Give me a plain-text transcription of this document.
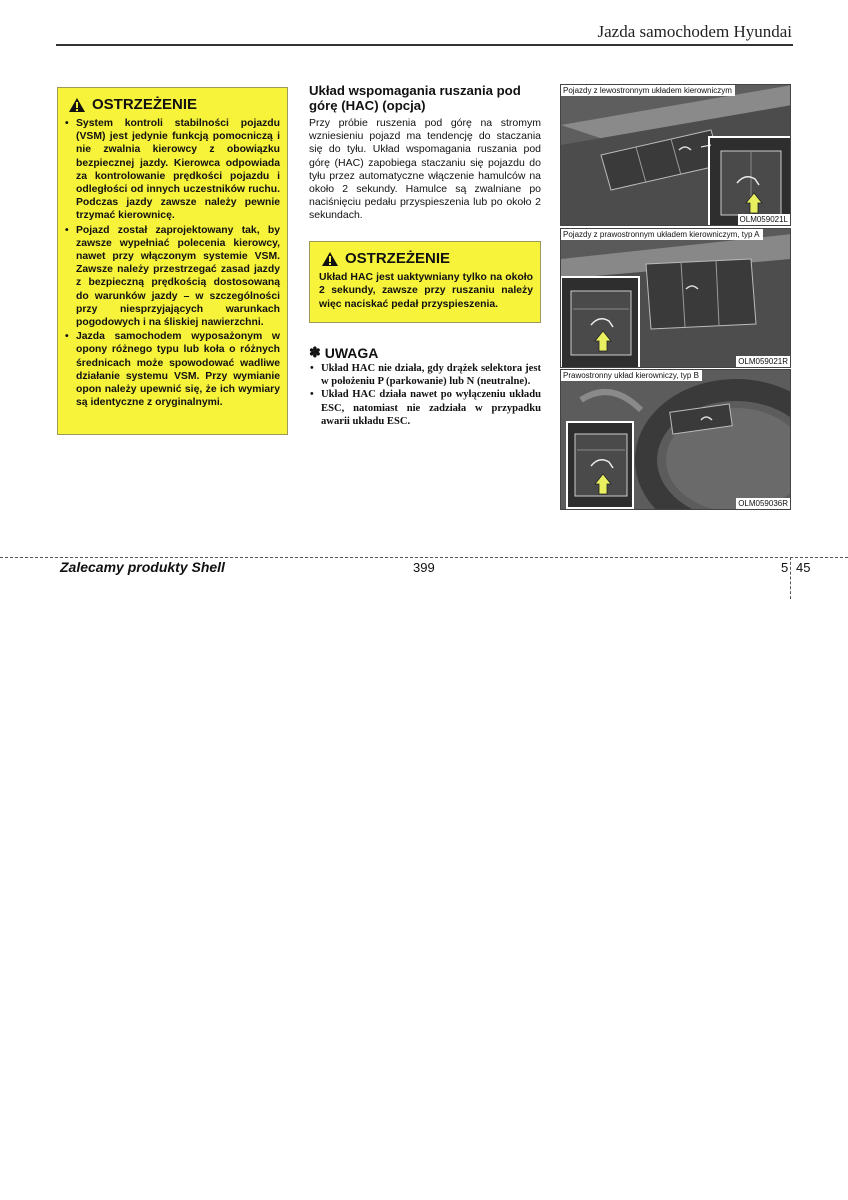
Jazda samochodem Hyundai
OSTRZEŻENIE
• System kontroli stabilności pojazdu (VSM) jest jedynie funkcją pomocniczą i nie zwalnia kierowcy z obowiązku bezpiecznej jazdy. Kierowca odpowiada za kontrolowanie prędkości pojazdu i odległości od innych uczestników ruchu. Podczas jazdy zawsze należy pewnie trzymać kierownicę.
• Pojazd został zaprojektowany tak, by zawsze wypełniać polecenia kierowcy, nawet przy włączonym systemie VSM. Zawsze należy przestrzegać zasad jazdy z bezpieczną prędkością dostosowaną do warunków jazdy – w szczególności przy niesprzyjających warunkach pogodowych i na śliskiej nawierzchni.
• Jazda samochodem wyposażonym w opony różnego typu lub koła o różnych średnicach może spowodować wadliwe działanie systemu VSM. Przy wymianie opon należy upewnić się, że ich wymiary są identyczne z oryginalnymi.
Układ wspomagania ruszania pod górę (HAC) (opcja)
Przy próbie ruszenia pod górę na stromym wzniesieniu pojazd ma tendencję do staczania się do tyłu. Układ wspomagania ruszania pod górę (HAC) zapobiega staczaniu się pojazdu do tyłu przez automatyczne włączenie hamulców na około 2 sekundy. Hamulce są zwalniane po naciśnięciu pedału przyspieszenia lub po około 2 sekundach.
OSTRZEŻENIE

Układ HAC jest uaktywniany tylko na około 2 sekundy, zawsze przy ruszaniu należy więc naciskać pedał przyspieszenia.

✽ UWAGA
• Układ HAC nie działa, gdy drążek selektora jest w położeniu P (parkowanie) lub N (neutralne).
• Układ HAC działa nawet po wyłączeniu układu ESC, natomiast nie zadziała w przypadku awarii układu ESC.
Pojazdy z lewostronnym układem kierowniczym
OLM059021L
Pojazdy z prawostronnym układem kierowniczym, typ A
OLM059021R
Prawostronny układ kierowniczy, typ B
OLM059036R
Zalecamy produkty Shell	399	5 45
